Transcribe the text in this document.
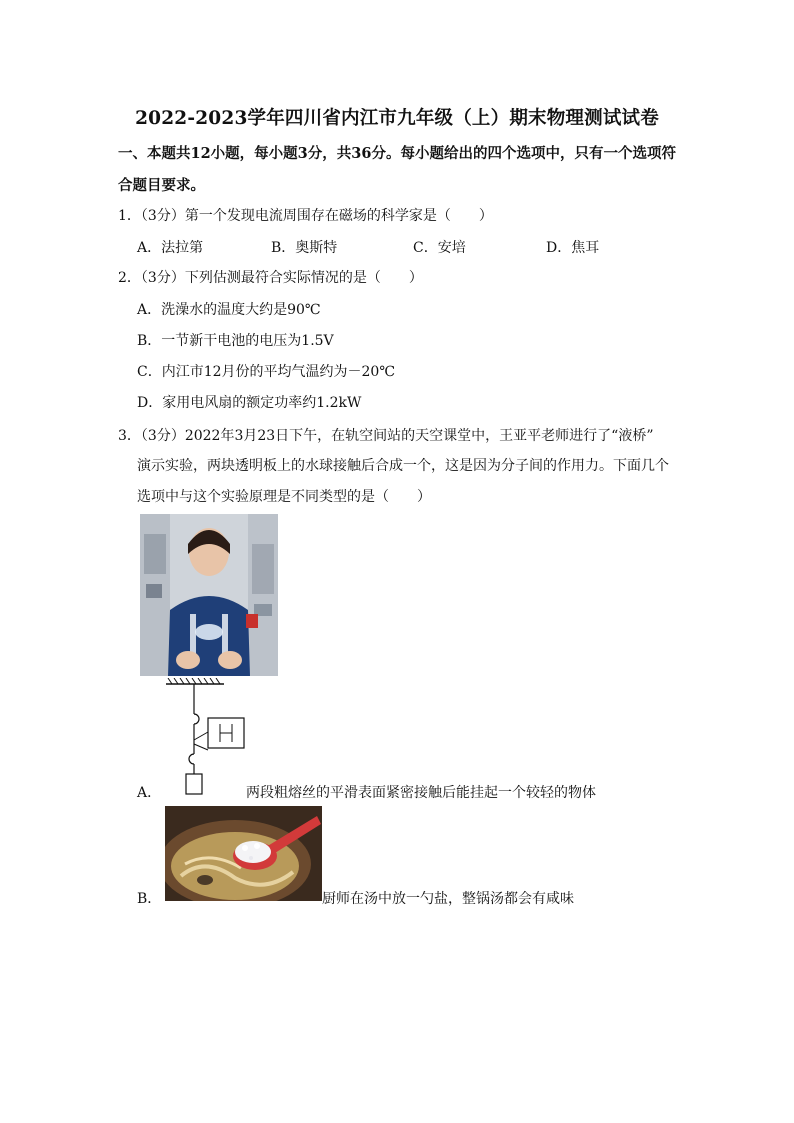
2022-2023学年四川省内江市九年级（上）期末物理测试试卷
一、本题共12小题，每小题3分，共36分。每小题给出的四个选项中，只有一个选项符
合题目要求。
1．（3分）第一个发现电流周围存在磁场的科学家是（　　）
A．法拉第	B．奥斯特	C．安培	D．焦耳
2．（3分）下列估测最符合实际情况的是（　　）
A．洗澡水的温度大约是90℃
B．一节新干电池的电压为1.5V
C．内江市12月份的平均气温约为－20℃
D．家用电风扇的额定功率约1.2kW
3．（3分）2022年3月23日下午，在轨空间站的天空课堂中，王亚平老师进行了“液桥”
演示实验，两块透明板上的水球接触后合成一个，这是因为分子间的作用力。下面几个
选项中与这个实验原理是不同类型的是（　　）
A．	两段粗熔丝的平滑表面紧密接触后能挂起一个较轻的物体
B．	厨师在汤中放一勺盐，整锅汤都会有咸味
